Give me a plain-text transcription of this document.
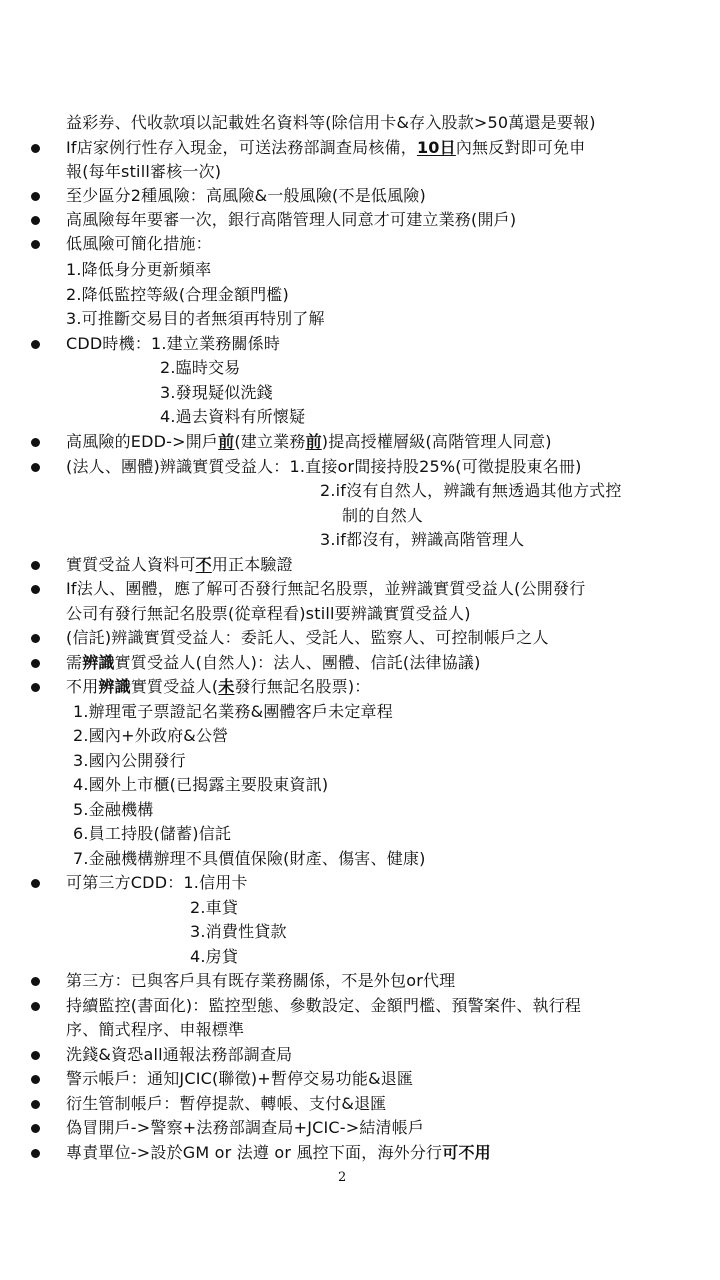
益彩券、代收款項以記載姓名資料等(除信用卡&存入股款>50萬還是要報)
If店家例行性存入現金，可送法務部調查局核備，10日內無反對即可免申
報(每年still審核一次)
至少區分2種風險：高風險&一般風險(不是低風險)
高風險每年要審一次，銀行高階管理人同意才可建立業務(開戶)
低風險可簡化措施：
1.降低身分更新頻率
2.降低監控等級(合理金額門檻)
3.可推斷交易目的者無須再特別了解
CDD時機：1.建立業務關係時
2.臨時交易
3.發現疑似洗錢
4.過去資料有所懷疑
高風險的EDD->開戶前(建立業務前)提高授權層級(高階管理人同意)
(法人、團體)辨識實質受益人：1.直接or間接持股25%(可徵提股東名冊)
2.if沒有自然人，辨識有無透過其他方式控
制的自然人
3.if都沒有，辨識高階管理人
實質受益人資料可不用正本驗證
If法人、團體，應了解可否發行無記名股票，並辨識實質受益人(公開發行
公司有發行無記名股票(從章程看)still要辨識實質受益人)
(信託)辨識實質受益人：委託人、受託人、監察人、可控制帳戶之人
需辨識實質受益人(自然人)：法人、團體、信託(法律協議)
不用辨識實質受益人(未發行無記名股票)：
1.辦理電子票證記名業務&團體客戶未定章程
2.國內+外政府&公營
3.國內公開發行
4.國外上市櫃(已揭露主要股東資訊)
5.金融機構
6.員工持股(儲蓄)信託
7.金融機構辦理不具價值保險(財產、傷害、健康)
可第三方CDD：1.信用卡
2.車貸
3.消費性貸款
4.房貸
第三方：已與客戶具有既存業務關係，不是外包or代理
持續監控(書面化)：監控型態、參數設定、金額門檻、預警案件、執行程
序、簡式程序、申報標準
洗錢&資恐all通報法務部調查局
警示帳戶：通知JCIC(聯徵)+暫停交易功能&退匯
衍生管制帳戶：暫停提款、轉帳、支付&退匯
偽冒開戶->警察+法務部調查局+JCIC->結清帳戶
專責單位->設於GM or 法遵 or 風控下面，海外分行可不用
2
